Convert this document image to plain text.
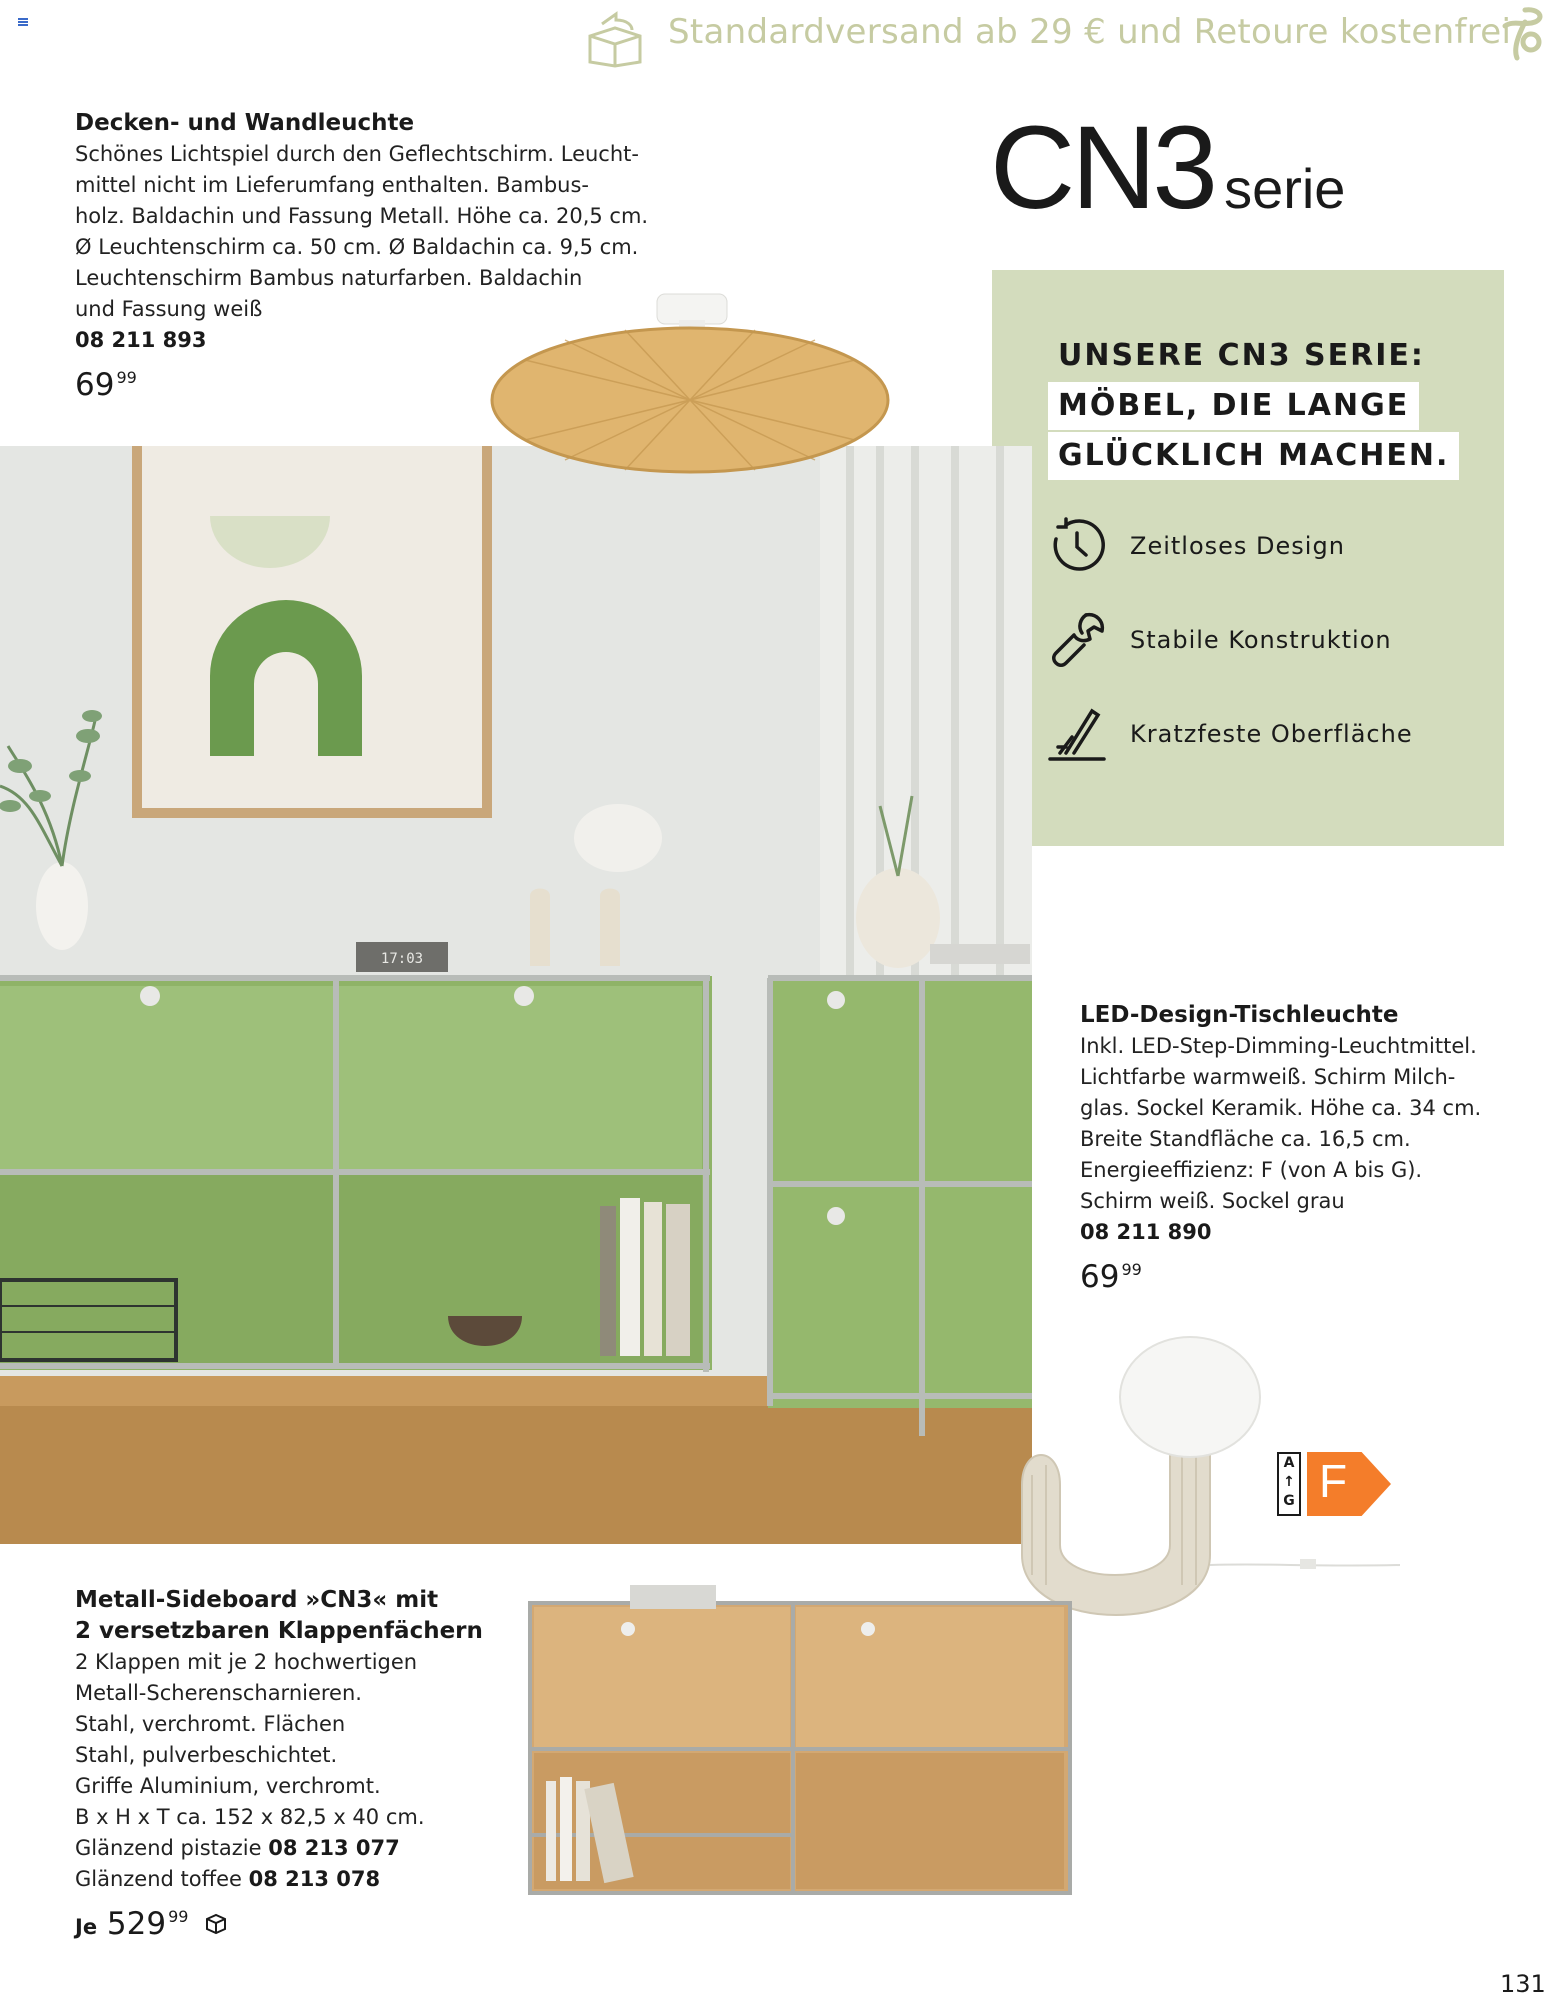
Standardversand ab 29 € und Retoure kostenfrei
Decken- und Wandleuchte
Schönes Lichtspiel durch den Geflechtschirm. Leucht-
mittel nicht im Lieferumfang enthalten. Bambus-
holz. Baldachin und Fassung Metall. Höhe ca. 20,5 cm.
Ø Leuchtenschirm ca. 50 cm. Ø Baldachin ca. 9,5 cm.
Leuchtenschirm Bambus naturfarben. Baldachin
und Fassung weiß
08 211 893
69 $^{99}$
CN3 serie
UNSERE CN3 SERIE:
MÖBEL, DIE LANGE
GLÜCKLICH MACHEN.
Zeitloses Design
Stabile Konstruktion
Kratzfeste Oberfläche
17:03
LED-Design-Tischleuchte
Inkl. LED-Step-Dimming-Leuchtmittel.
Lichtfarbe warmweiß. Schirm Milch-
glas. Sockel Keramik. Höhe ca. 34 cm.
Breite Standfläche ca. 16,5 cm.
Energieeffizienz: F (von A bis G).
Schirm weiß. Sockel grau
08 211 890
69 $^{99}$
A
↑
G F
Metall-Sideboard »CN3« mit
2 versetzbaren Klappenfächern
2 Klappen mit je 2 hochwertigen
Metall-Scherenscharnieren.
Stahl, verchromt. Flächen
Stahl, pulverbeschichtet.
Griffe Aluminium, verchromt.
B x H x T ca. 152 x 82,5 x 40 cm.
Glänzend pistazie 08 213 077
Glänzend toffee 08 213 078
Je 529 $^{99}$
131
